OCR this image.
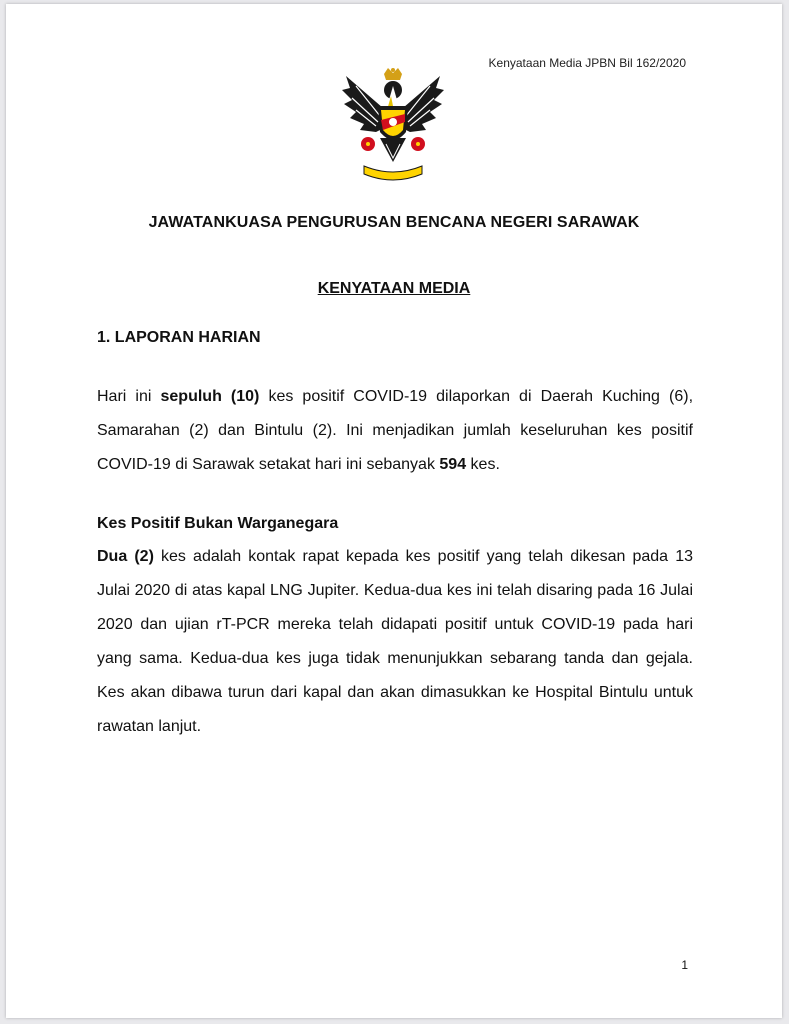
Kenyataan Media JPBN Bil 162/2020
JAWATANKUASA PENGURUSAN BENCANA NEGERI SARAWAK
KENYATAAN MEDIA
1. LAPORAN HARIAN
Hari ini sepuluh (10) kes positif COVID-19 dilaporkan di Daerah Kuching (6), Samarahan (2) dan Bintulu (2). Ini menjadikan jumlah keseluruhan kes positif COVID-19 di Sarawak setakat hari ini sebanyak 594 kes.
Kes Positif Bukan Warganegara
Dua (2) kes adalah kontak rapat kepada kes positif yang telah dikesan pada 13 Julai 2020 di atas kapal LNG Jupiter. Kedua-dua kes ini telah disaring pada 16 Julai 2020 dan ujian rT-PCR mereka telah didapati positif untuk COVID-19 pada hari yang sama. Kedua-dua kes juga tidak menunjukkan sebarang tanda dan gejala. Kes akan dibawa turun dari kapal dan akan dimasukkan ke Hospital Bintulu untuk rawatan lanjut.
1
